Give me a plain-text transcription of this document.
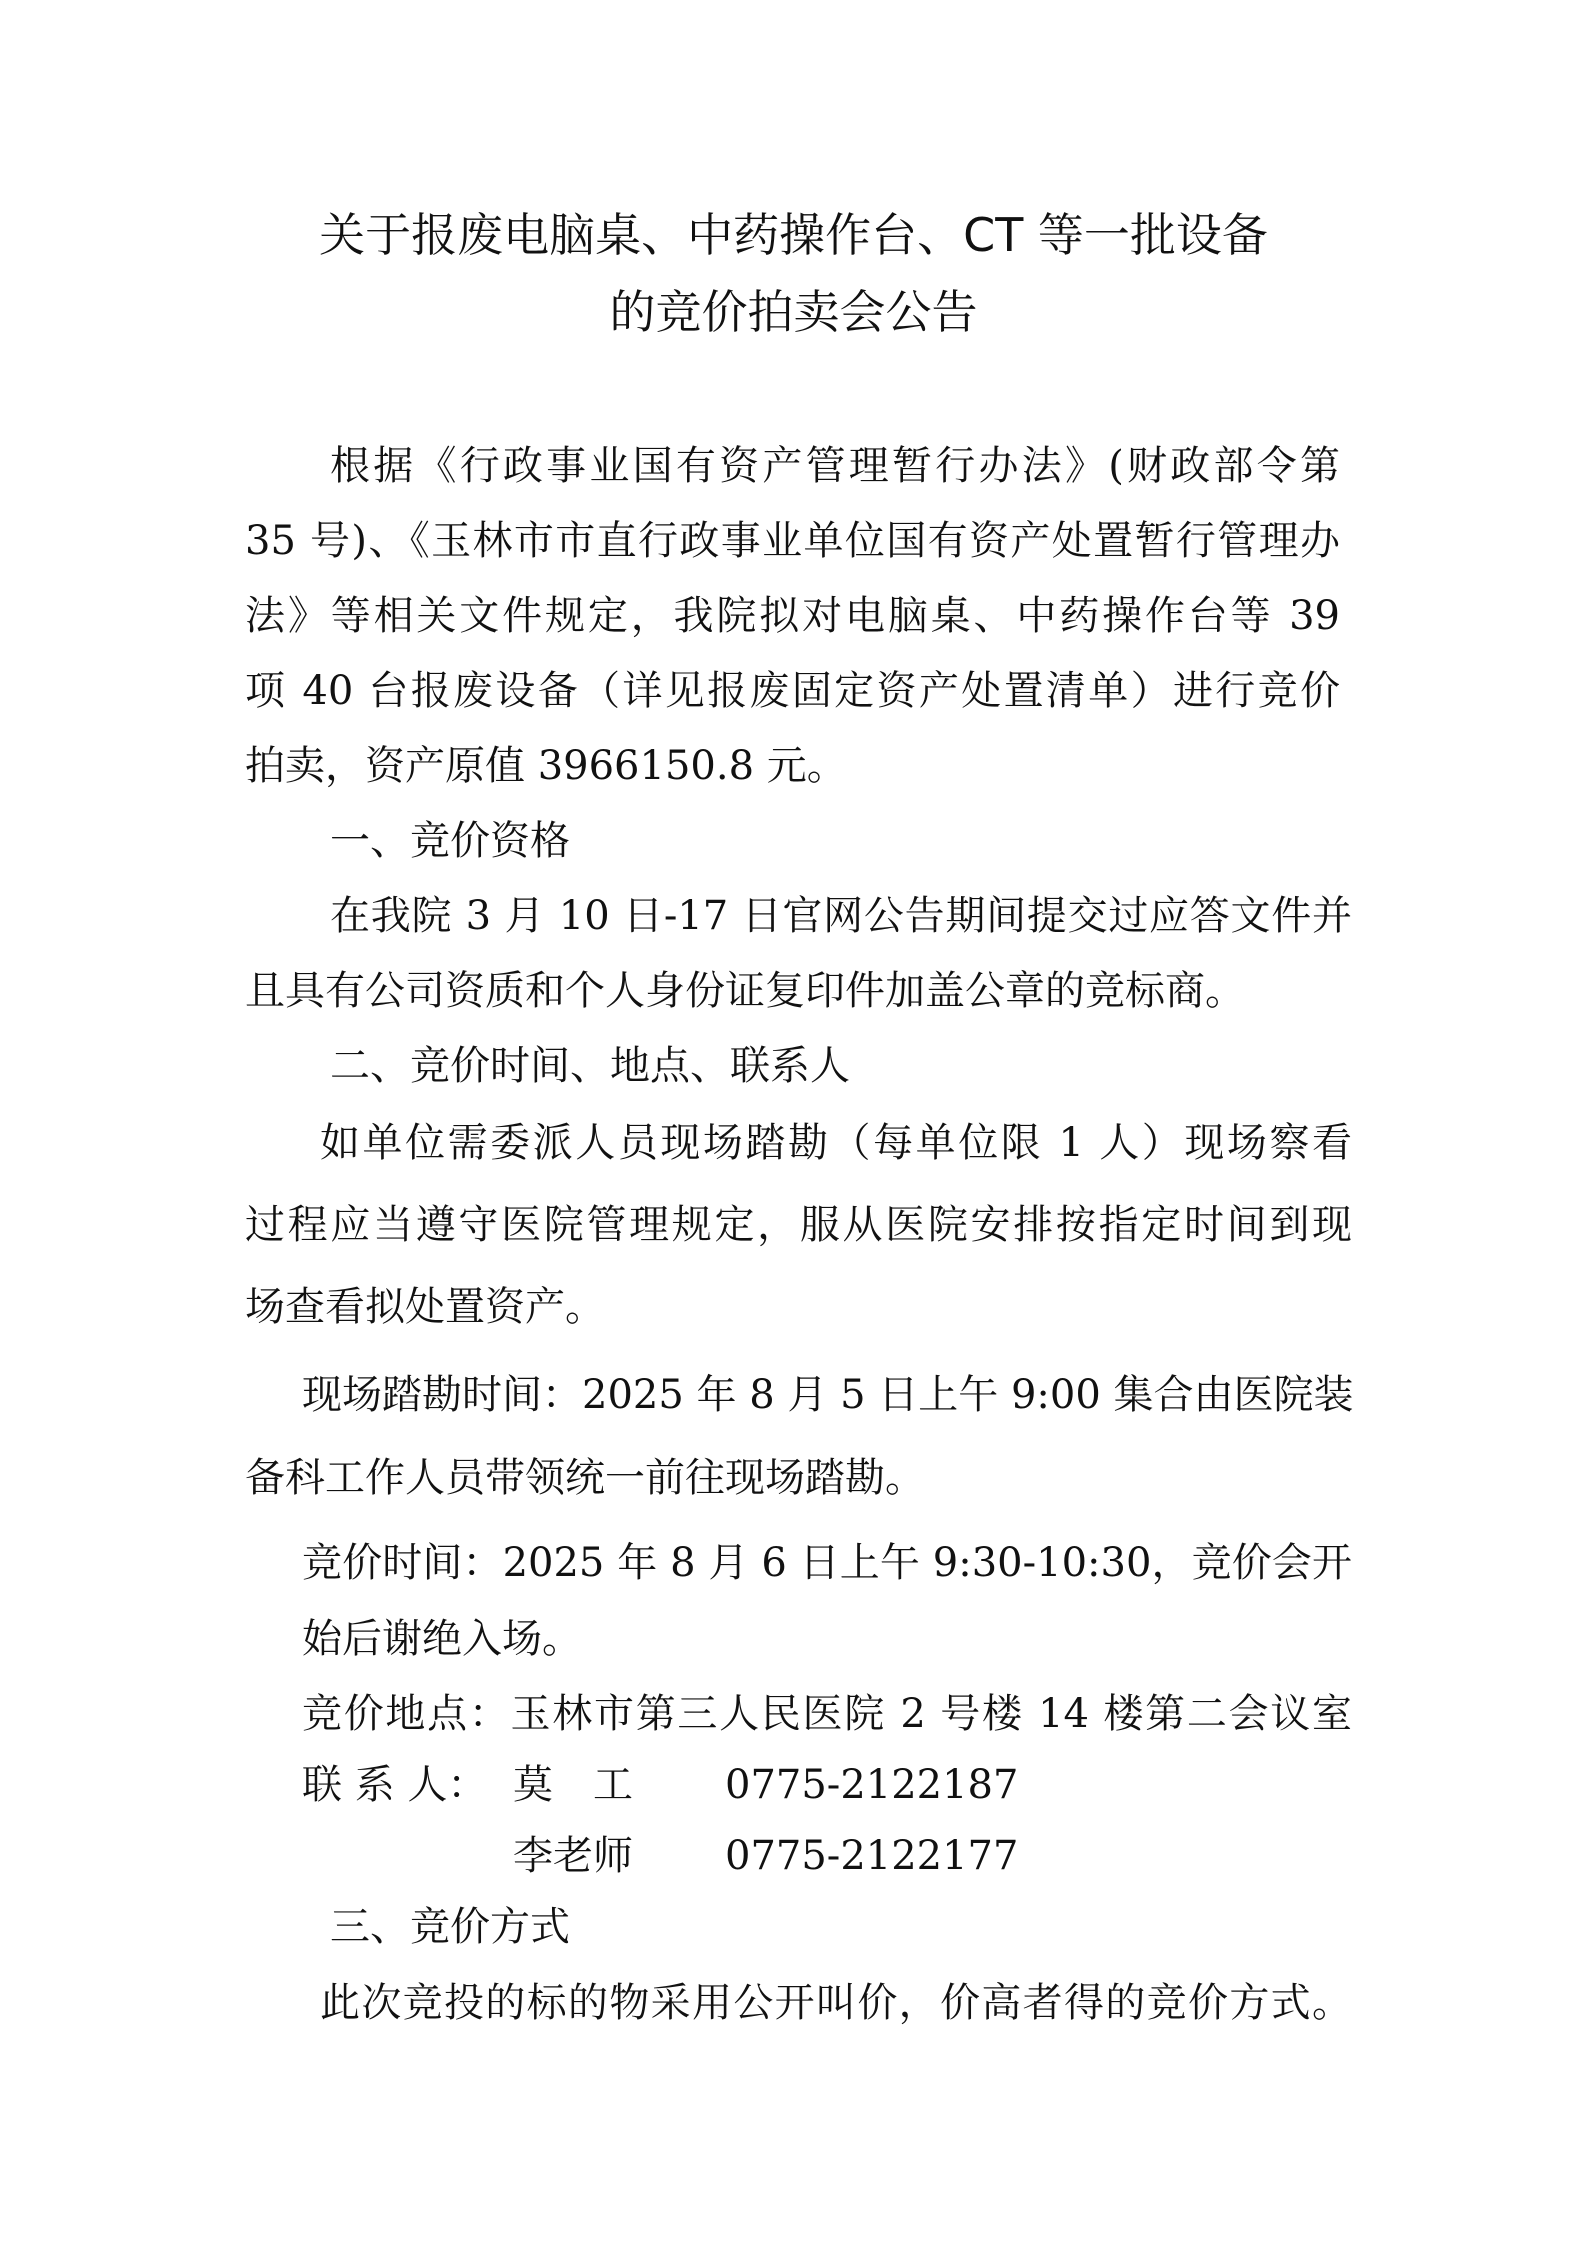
关于报废电脑桌、中药操作台、CT 等一批设备
的竞价拍卖会公告
根据《行政事业国有资产管理暂行办法》(财政部令第
35 号)、《玉林市市直行政事业单位国有资产处置暂行管理办
法》等相关文件规定，我院拟对电脑桌、中药操作台等 39
项 40 台报废设备（详见报废固定资产处置清单）进行竞价
拍卖，资产原值 3966150.8 元。
一、竞价资格
在我院 3 月 10 日-17 日官网公告期间提交过应答文件并
且具有公司资质和个人身份证复印件加盖公章的竞标商。
二、竞价时间、地点、联系人
如单位需委派人员现场踏勘（每单位限 1 人）现场察看
过程应当遵守医院管理规定，服从医院安排按指定时间到现
场查看拟处置资产。
现场踏勘时间：2025 年 8 月 5 日上午 9:00 集合由医院装
备科工作人员带领统一前往现场踏勘。
竞价时间：2025 年 8 月 6 日上午 9:30-10:30，竞价会开
始后谢绝入场。
竞价地点：玉林市第三人民医院 2 号楼 14 楼第二会议室
联 系 人： 莫　工 0775-2122187
李老师 0775-2122177
三、竞价方式
此次竞投的标的物采用公开叫价，价高者得的竞价方式。
